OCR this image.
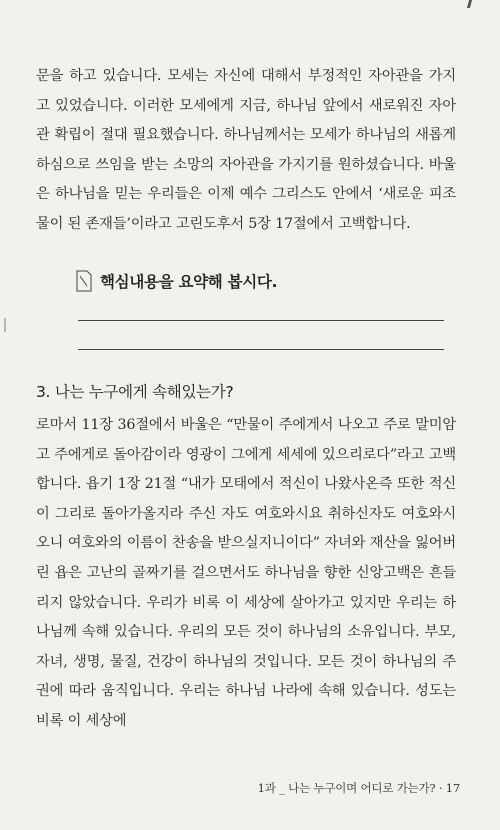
문을 하고 있습니다. 모세는 자신에 대해서 부정적인 자아관을 가지고 있었습니다. 이러한 모세에게 지금, 하나님 앞에서 새로워진 자아관 확립이 절대 필요했습니다. 하나님께서는 모세가 하나님의 새롭게 하심으로 쓰임을 받는 소망의 자아관을 가지기를 원하셨습니다. 바울은 하나님을 믿는 우리들은 이제 예수 그리스도 안에서 ‘새로운 피조물이 된 존재들’이라고 고린도후서 5장 17절에서 고백합니다.

핵심내용을 요약해 봅시다.
3. 나는 누구에게 속해있는가?

로마서 11장 36절에서 바울은 “만물이 주에게서 나오고 주로 말미암고 주에게로 돌아감이라 영광이 그에게 세세에 있으리로다”라고 고백합니다. 욥기 1장 21절 “내가 모태에서 적신이 나왔사온즉 또한 적신이 그리로 돌아가올지라 주신 자도 여호와시요 취하신자도 여호와시오니 여호와의 이름이 찬송을 받으실지니이다” 자녀와 재산을 잃어버린 욥은 고난의 골짜기를 걸으면서도 하나님을 향한 신앙고백은 흔들리지 않았습니다. 우리가 비록 이 세상에 살아가고 있지만 우리는 하나님께 속해 있습니다. 우리의 모든 것이 하나님의 소유입니다. 부모, 자녀, 생명, 물질, 건강이 하나님의 것입니다. 모든 것이 하나님의 주권에 따라 움직입니다. 우리는 하나님 나라에 속해 있습니다. 성도는 비록 이 세상에

1과 _ 나는 누구이며 어디로 가는가? · 17
